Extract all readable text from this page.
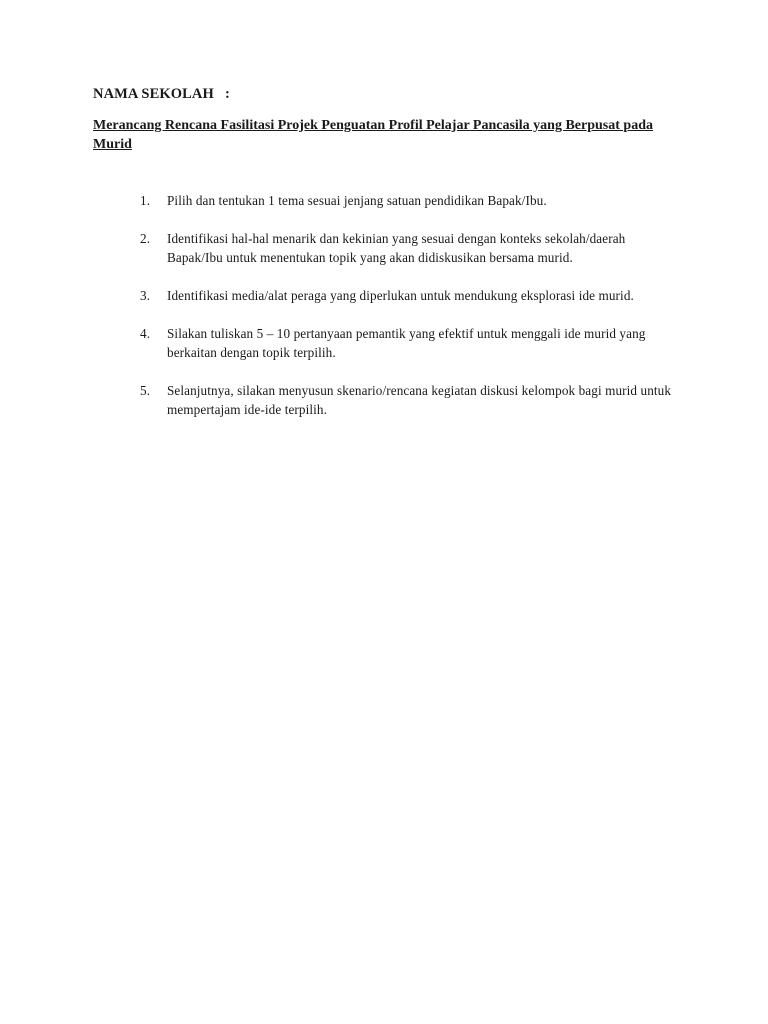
NAMA SEKOLAH   :
Merancang Rencana Fasilitasi Projek Penguatan Profil Pelajar Pancasila yang Berpusat pada Murid
1. Pilih dan tentukan 1 tema sesuai jenjang satuan pendidikan Bapak/Ibu.
2. Identifikasi hal-hal menarik dan kekinian yang sesuai dengan konteks sekolah/daerah Bapak/Ibu untuk menentukan topik yang akan didiskusikan bersama murid.
3. Identifikasi media/alat peraga yang diperlukan untuk mendukung eksplorasi ide murid.
4. Silakan tuliskan 5 – 10 pertanyaan pemantik yang efektif untuk menggali ide murid yang berkaitan dengan topik terpilih.
5. Selanjutnya, silakan menyusun skenario/rencana kegiatan diskusi kelompok bagi murid untuk mempertajam ide-ide terpilih.
